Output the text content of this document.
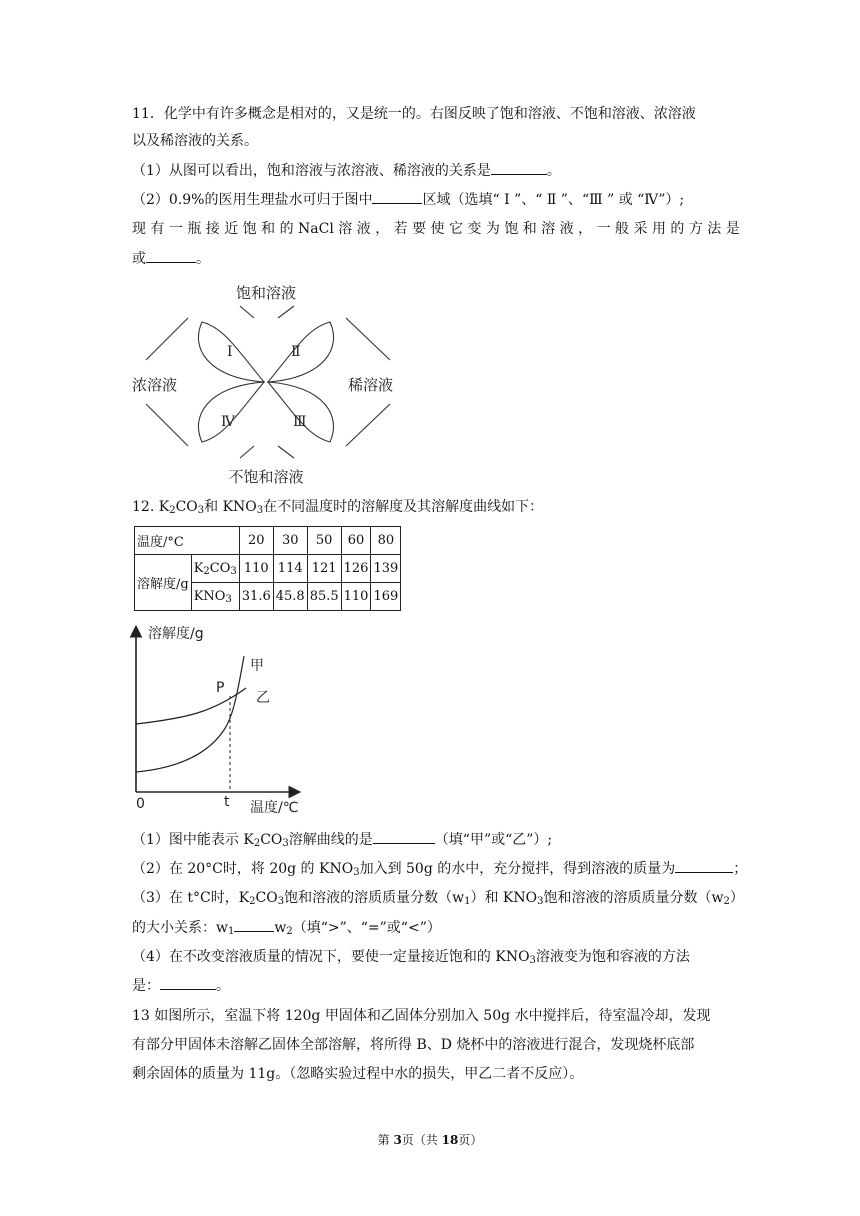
11．化学中有许多概念是相对的，又是统一的。右图反映了饱和溶液、不饱和溶液、浓溶液
以及稀溶液的关系。
（1）从图可以看出，饱和溶液与浓溶液、稀溶液的关系是	。
（2）0.9%的医用生理盐水可归于图中	区域（选填“ Ⅰ ”、“ Ⅱ ”、“Ⅲ ” 或 “Ⅳ”）;
现 有 一 瓶 接 近 饱 和 的 NaCl 溶 液 ， 若 要 使 它 变 为 饱 和 溶 液 ， 一 般 采 用 的 方 法 是
或	。
饱和溶液
浓溶液	稀溶液
不饱和溶液
Ⅰ	Ⅱ
Ⅲ
Ⅳ
12. $K_2CO_3$和 $KNO_3$在不同温度时的溶解度及其溶解度曲线如下：
温度/°C		20	30	50	60	80
溶解度/g	$K_2CO_3$	110	114	121	126	139
	$KNO_3$	31.6	45.8	85.5	110	169
溶解度/g
温度/℃
0	t
P
甲
乙
（1）图中能表示 $K_2CO_3$溶解曲线的是	（填“甲”或“乙”）;
（2）在 20°C时，将 20g 的 $KNO_3$加入到 50g 的水中，充分搅拌，得到溶液的质量为	；
（3）在 t°C时，$K_2CO_3$饱和溶液的溶质质量分数$(w_1)$和 $KNO_3$饱和溶液的溶质质量分数$(w_2)$
的大小关系：$w_1$	$w_2$（填“>”、“=”或“<”）
（4）在不改变溶液质量的情况下，要使一定量接近饱和的 $KNO_3$溶液变为饱和容液的方法
是：	。
13 如图所示，室温下将 120g 甲固体和乙固体分别加入 50g 水中搅拌后，待室温冷却，发现
有部分甲固体未溶解乙固体全部溶解，将所得 B、D 烧杯中的溶液进行混合，发现烧杯底部
剩余固体的质量为 11g。（忽略实验过程中水的损失，甲乙二者不反应）。
第 3页（共 18页）
